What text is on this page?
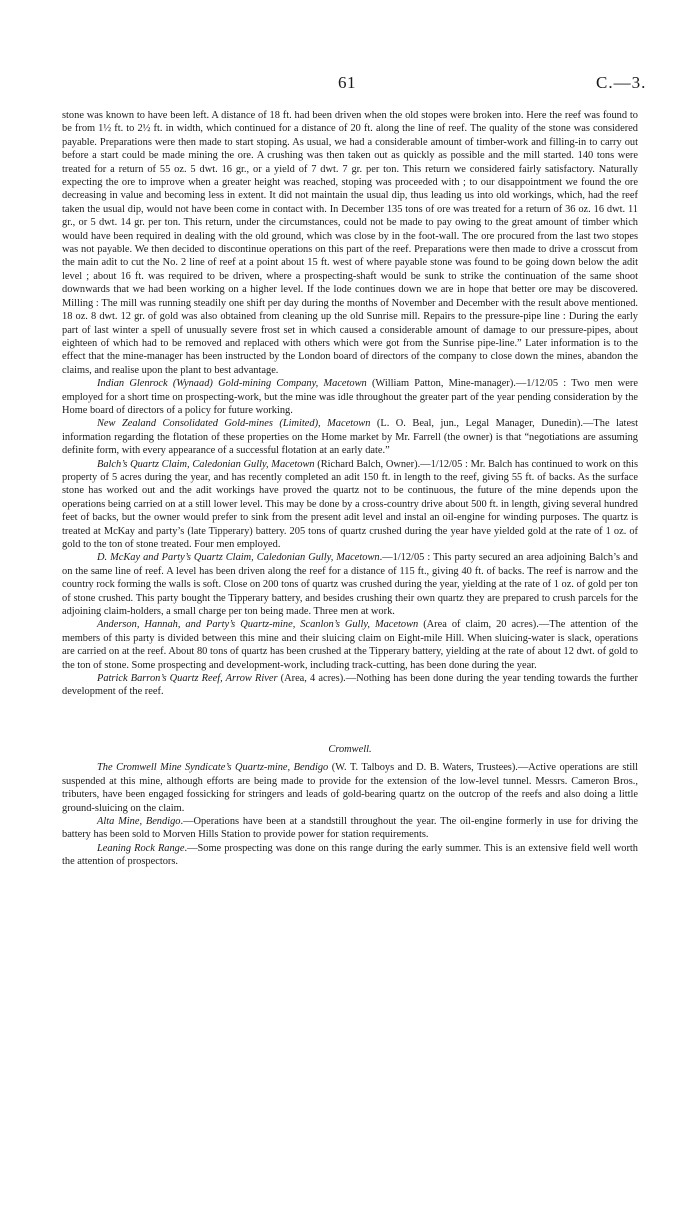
61	C.—3.

stone was known to have been left. A distance of 18 ft. had been driven when the old stopes were broken into. Here the reef was found to be from 1½ ft. to 2½ ft. in width, which continued for a distance of 20 ft. along the line of reef. The quality of the stone was considered payable. Preparations were then made to start stoping. As usual, we had a considerable amount of timber-work and filling-in to carry out before a start could be made mining the ore. A crushing was then taken out as quickly as possible and the mill started. 140 tons were treated for a return of 55 oz. 5 dwt. 16 gr., or a yield of 7 dwt. 7 gr. per ton. This return we considered fairly satisfactory. Naturally expecting the ore to improve when a greater height was reached, stoping was proceeded with ; to our disappointment we found the ore decreasing in value and becoming less in extent. It did not maintain the usual dip, thus leading us into old workings, which, had the reef taken the usual dip, would not have been come in contact with. In December 135 tons of ore was treated for a return of 36 oz. 16 dwt. 11 gr., or 5 dwt. 14 gr. per ton. This return, under the circumstances, could not be made to pay owing to the great amount of timber which would have been required in dealing with the old ground, which was close by in the foot-wall. The ore procured from the last two stopes was not payable. We then decided to discontinue operations on this part of the reef. Preparations were then made to drive a crosscut from the main adit to cut the No. 2 line of reef at a point about 15 ft. west of where payable stone was found to be going down below the adit level ; about 16 ft. was required to be driven, where a prospecting-shaft would be sunk to strike the continuation of the same shoot downwards that we had been working on a higher level. If the lode continues down we are in hope that better ore may be discovered. Milling : The mill was running steadily one shift per day during the months of November and December with the result above mentioned. 18 oz. 8 dwt. 12 gr. of gold was also obtained from cleaning up the old Sunrise mill. Repairs to the pressure-pipe line : During the early part of last winter a spell of unusually severe frost set in which caused a considerable amount of damage to our pressure-pipes, about eighteen of which had to be removed and replaced with others which were got from the Sunrise pipe-line.” Later information is to the effect that the mine-manager has been instructed by the London board of directors of the company to close down the mines, abandon the claims, and realise upon the plant to best advantage.

Indian Glenrock (Wynaad) Gold-mining Company, Macetown (William Patton, Mine-manager).—1/12/05 : Two men were employed for a short time on prospecting-work, but the mine was idle throughout the greater part of the year pending consideration by the Home board of directors of a policy for future working.

New Zealand Consolidated Gold-mines (Limited), Macetown (L. O. Beal, jun., Legal Manager, Dunedin).—The latest information regarding the flotation of these properties on the Home market by Mr. Farrell (the owner) is that “negotiations are assuming definite form, with every appearance of a successful flotation at an early date.”

Balch’s Quartz Claim, Caledonian Gully, Macetown (Richard Balch, Owner).—1/12/05 : Mr. Balch has continued to work on this property of 5 acres during the year, and has recently completed an adit 150 ft. in length to the reef, giving 55 ft. of backs. As the surface stone has worked out and the adit workings have proved the quartz not to be continuous, the future of the mine depends upon the operations being carried on at a still lower level. This may be done by a cross-country drive about 500 ft. in length, giving several hundred feet of backs, but the owner would prefer to sink from the present adit level and instal an oil-engine for winding purposes. The quartz is treated at McKay and party’s (late Tipperary) battery. 205 tons of quartz crushed during the year have yielded gold at the rate of 1 oz. of gold to the ton of stone treated. Four men employed.

D. McKay and Party’s Quartz Claim, Caledonian Gully, Macetown.—1/12/05 : This party secured an area adjoining Balch’s and on the same line of reef. A level has been driven along the reef for a distance of 115 ft., giving 40 ft. of backs. The reef is narrow and the country rock forming the walls is soft. Close on 200 tons of quartz was crushed during the year, yielding at the rate of 1 oz. of gold per ton of stone crushed. This party bought the Tipperary battery, and besides crushing their own quartz they are prepared to crush parcels for the adjoining claim-holders, a small charge per ton being made. Three men at work.

Anderson, Hannah, and Party’s Quartz-mine, Scanlon’s Gully, Macetown (Area of claim, 20 acres).—The attention of the members of this party is divided between this mine and their sluicing claim on Eight-mile Hill. When sluicing-water is slack, operations are carried on at the reef. About 80 tons of quartz has been crushed at the Tipperary battery, yielding at the rate of about 12 dwt. of gold to the ton of stone. Some prospecting and development-work, including track-cutting, has been done during the year.

Patrick Barron’s Quartz Reef, Arrow River (Area, 4 acres).—Nothing has been done during the year tending towards the further development of the reef.

Cromwell.

The Cromwell Mine Syndicate’s Quartz-mine, Bendigo (W. T. Talboys and D. B. Waters, Trustees).—Active operations are still suspended at this mine, although efforts are being made to provide for the extension of the low-level tunnel. Messrs. Cameron Bros., tributers, have been engaged fossicking for stringers and leads of gold-bearing quartz on the outcrop of the reefs and also doing a little ground-sluicing on the claim.

Alta Mine, Bendigo.—Operations have been at a standstill throughout the year. The oil-engine formerly in use for driving the battery has been sold to Morven Hills Station to provide power for station requirements.

Leaning Rock Range.—Some prospecting was done on this range during the early summer. This is an extensive field well worth the attention of prospectors.
